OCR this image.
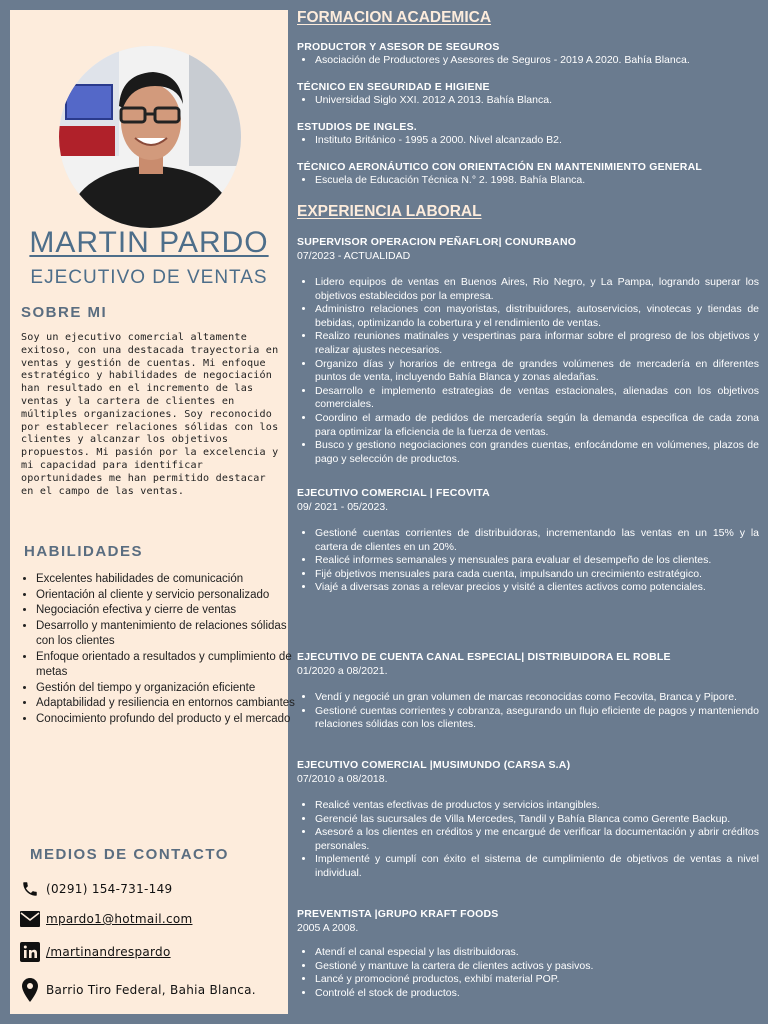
MARTIN PARDO
EJECUTIVO DE VENTAS
SOBRE MI
Soy un ejecutivo comercial altamente exitoso, con una destacada trayectoria en ventas y gestión de cuentas. Mi enfoque estratégico y habilidades de negociación han resultado en el incremento de las ventas y la cartera de clientes en múltiples organizaciones. Soy reconocido por establecer relaciones sólidas con los clientes y alcanzar los objetivos propuestos. Mi pasión por la excelencia y mi capacidad para identificar oportunidades me han permitido destacar en el campo de las ventas.
HABILIDADES
• Excelentes habilidades de comunicación
• Orientación al cliente y servicio personalizado
• Negociación efectiva y cierre de ventas
• Desarrollo y mantenimiento de relaciones sólidas con los clientes
• Enfoque orientado a resultados y cumplimiento de metas
• Gestión del tiempo y organización eficiente
• Adaptabilidad y resiliencia en entornos cambiantes
• Conocimiento profundo del producto y el mercado
MEDIOS DE CONTACTO
(0291) 154-731-149
mpardo1@hotmail.com
/martinandrespardo
Barrio Tiro Federal, Bahia Blanca.
FORMACION ACADEMICA
PRODUCTOR Y ASESOR DE SEGUROS
• Asociación de Productores y Asesores de Seguros - 2019 A 2020. Bahía Blanca.
TÉCNICO EN SEGURIDAD E HIGIENE
• Universidad Siglo XXI. 2012 A 2013. Bahía Blanca.
ESTUDIOS DE INGLES.
• Instituto Británico - 1995 a 2000. Nivel alcanzado B2.
TÉCNICO AERONÁUTICO CON ORIENTACIÓN EN MANTENIMIENTO GENERAL
• Escuela de Educación Técnica N.° 2. 1998. Bahía Blanca.
EXPERIENCIA LABORAL
SUPERVISOR OPERACION PEÑAFLOR| CONURBANO
07/2023 - ACTUALIDAD
• Lidero equipos de ventas en Buenos Aires, Rio Negro, y La Pampa, logrando superar los objetivos establecidos por la empresa.
• Administro relaciones con mayoristas, distribuidores, autoservicios, vinotecas y tiendas de bebidas, optimizando la cobertura y el rendimiento de ventas.
• Realizo reuniones matinales y vespertinas para informar sobre el progreso de los objetivos y realizar ajustes necesarios.
• Organizo días y horarios de entrega de grandes volúmenes de mercadería en diferentes puntos de venta, incluyendo Bahía Blanca y zonas aledañas.
• Desarrollo e implemento estrategias de ventas estacionales, alienadas con los objetivos comerciales.
• Coordino el armado de pedidos de mercadería según la demanda especifica de cada zona para optimizar la eficiencia de la fuerza de ventas.
• Busco y gestiono negociaciones con grandes cuentas, enfocándome en volúmenes, plazos de pago y selección de productos.
EJECUTIVO COMERCIAL | FECOVITA
09/ 2021 - 05/2023.
• Gestioné cuentas corrientes de distribuidoras, incrementando las ventas en un 15% y la cartera de clientes en un 20%.
• Realicé informes semanales y mensuales para evaluar el desempeño de los clientes.
• Fijé objetivos mensuales para cada cuenta, impulsando un crecimiento estratégico.
• Viajé a diversas zonas a relevar precios y visité a clientes activos como potenciales.
EJECUTIVO DE CUENTA CANAL ESPECIAL| DISTRIBUIDORA EL ROBLE
01/2020 a 08/2021.
• Vendí y negocié un gran volumen de marcas reconocidas como Fecovita, Branca y Pipore.
• Gestioné cuentas corrientes y cobranza, asegurando un flujo eficiente de pagos y manteniendo relaciones sólidas con los clientes.
EJECUTIVO COMERCIAL |MUSIMUNDO (CARSA S.A)
07/2010 a 08/2018.
• Realicé ventas efectivas de productos y servicios intangibles.
• Gerencié las sucursales de Villa Mercedes, Tandil y Bahía Blanca como Gerente Backup.
• Asesoré a los clientes en créditos y me encargué de verificar la documentación y abrir créditos personales.
• Implementé y cumplí con éxito el sistema de cumplimiento de objetivos de ventas a nivel individual.
PREVENTISTA |GRUPO KRAFT FOODS
2005 A 2008.
• Atendí el canal especial y las distribuidoras.
• Gestioné y mantuve la cartera de clientes activos y pasivos.
• Lancé y promocioné productos, exhibí material POP.
• Controlé el stock de productos.
